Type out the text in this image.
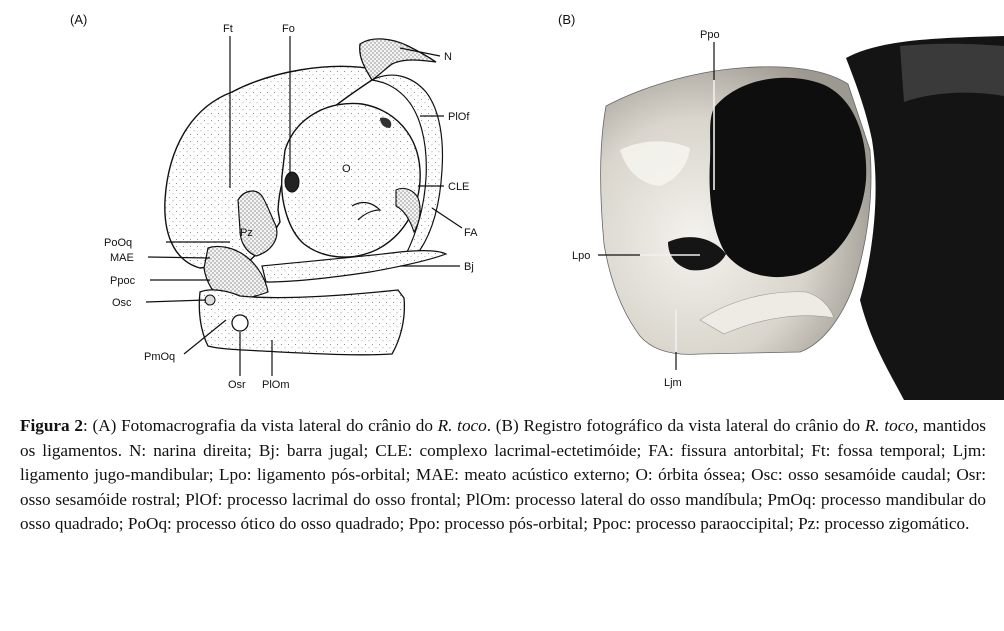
(A)
Ft	Fo
N
PlOf
O
CLE
FA
Bj
Pz
PoOq
MAE
Ppoc
Osc
PmOq
Osr PlOm
(B)
Ppo
Lpo
Ljm
Figura 2: (A) Fotomacrografia da vista lateral do crânio do R. toco. (B) Registro fotográfico da vista lateral do crânio do R. toco, mantidos os ligamentos. N: narina direita; Bj: barra jugal; CLE: complexo lacrimal-ectetimóide; FA: fissura antorbital; Ft: fossa temporal; Ljm: ligamento jugo-mandibular; Lpo: ligamento pós-orbital; MAE: meato acústico externo; O: órbita óssea; Osc: osso sesamóide caudal; Osr: osso sesamóide rostral; PlOf: processo lacrimal do osso frontal; PlOm: processo lateral do osso mandíbula; PmOq: processo mandibular do osso quadrado; PoOq: processo ótico do osso quadrado; Ppo: processo pós-orbital; Ppoc: processo paraoccipital; Pz: processo zigomático.
